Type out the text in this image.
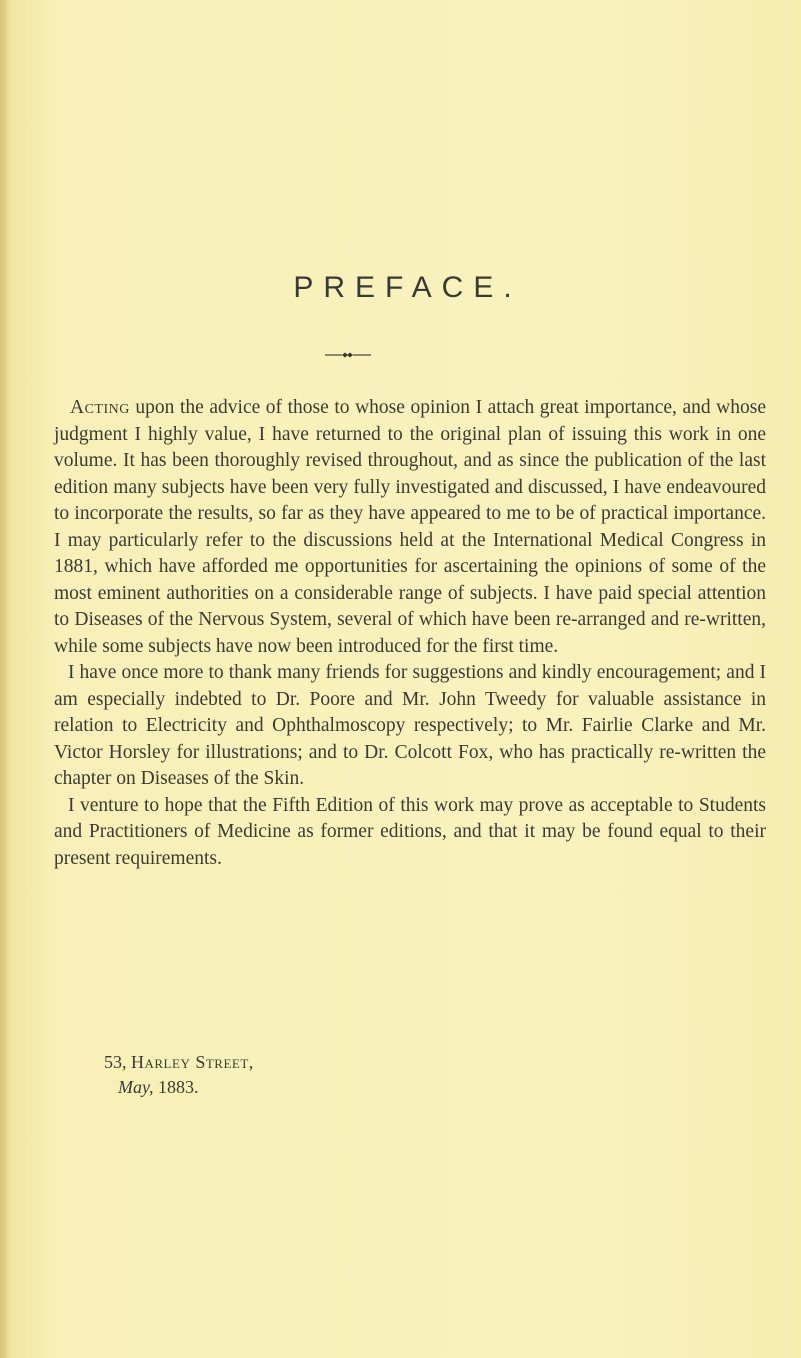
PREFACE.

Acting upon the advice of those to whose opinion I attach great importance, and whose judgment I highly value, I have returned to the original plan of issuing this work in one volume. It has been thoroughly revised throughout, and as since the publication of the last edition many subjects have been very fully investigated and discussed, I have endeavoured to incorporate the results, so far as they have appeared to me to be of practical importance. I may particularly refer to the discussions held at the International Medical Congress in 1881, which have afforded me opportunities for ascertaining the opinions of some of the most eminent authorities on a considerable range of subjects. I have paid special attention to Diseases of the Nervous System, several of which have been re-arranged and re-written, while some subjects have now been introduced for the first time.

I have once more to thank many friends for suggestions and kindly encouragement; and I am especially indebted to Dr. Poore and Mr. John Tweedy for valuable assistance in relation to Electricity and Ophthalmoscopy respectively; to Mr. Fairlie Clarke and Mr. Victor Horsley for illustrations; and to Dr. Colcott Fox, who has practically re-written the chapter on Diseases of the Skin.

I venture to hope that the Fifth Edition of this work may prove as acceptable to Students and Practitioners of Medicine as former editions, and that it may be found equal to their present requirements.

53, Harley Street,
May, 1883.
